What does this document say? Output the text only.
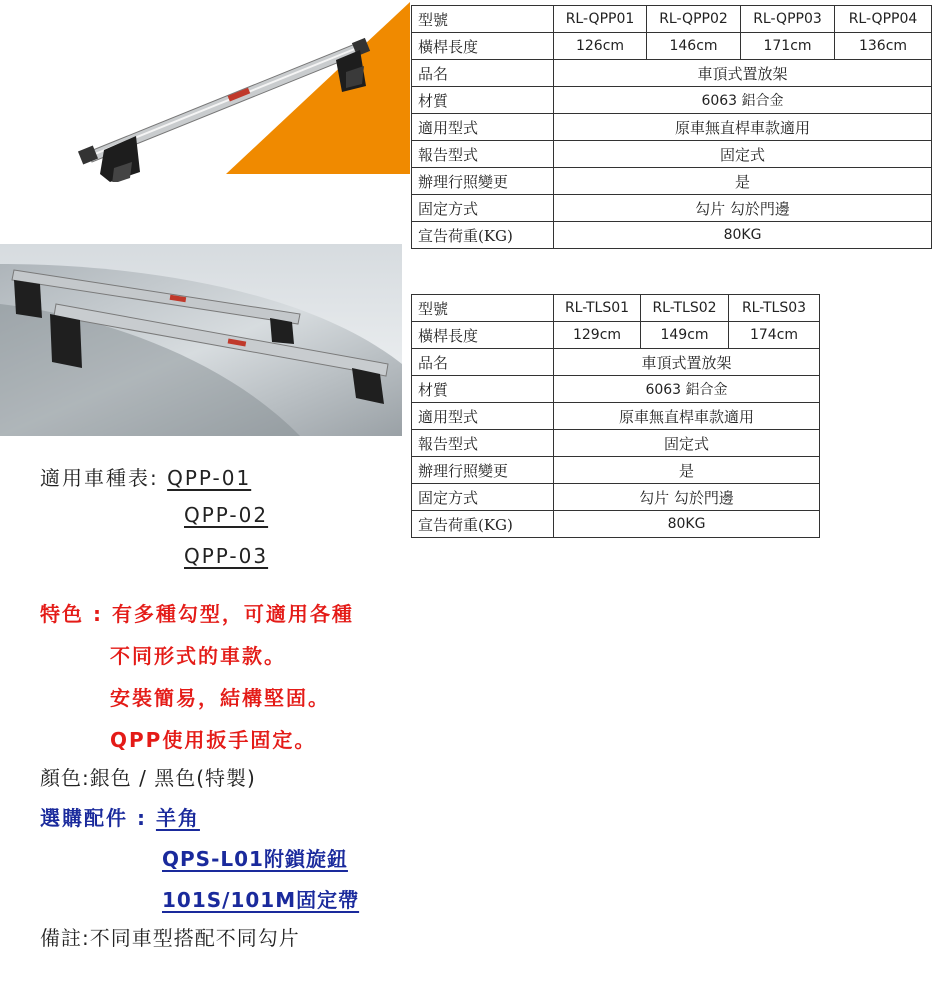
型號	RL-QPP01	RL-QPP02	RL-QPP03	RL-QPP04
橫桿長度	126cm	146cm	171cm	136cm
品名	車頂式置放架			
材質	6063 鋁合金			
適用型式	原車無直桿車款適用			
報告型式	固定式			
辦理行照變更	是			
固定方式	勾片 勾於門邊			
宣告荷重(KG)	80KG			
型號	RL-TLS01	RL-TLS02	RL-TLS03
橫桿長度	129cm	149cm	174cm
品名	車頂式置放架		
材質	6063 鋁合金		
適用型式	原車無直桿車款適用		
報告型式	固定式		
辦理行照變更	是		
固定方式	勾片 勾於門邊		
宣告荷重(KG)	80KG		
適用車種表: QPP-01
QPP-02
QPP-03
特色 : 有多種勾型，可適用各種
不同形式的車款。
安裝簡易，結構堅固。
QPP使用扳手固定。
顏色:銀色 / 黑色(特製)
選購配件 : 羊角
QPS-L01附鎖旋鈕
101S/101M固定帶
備註:不同車型搭配不同勾片
